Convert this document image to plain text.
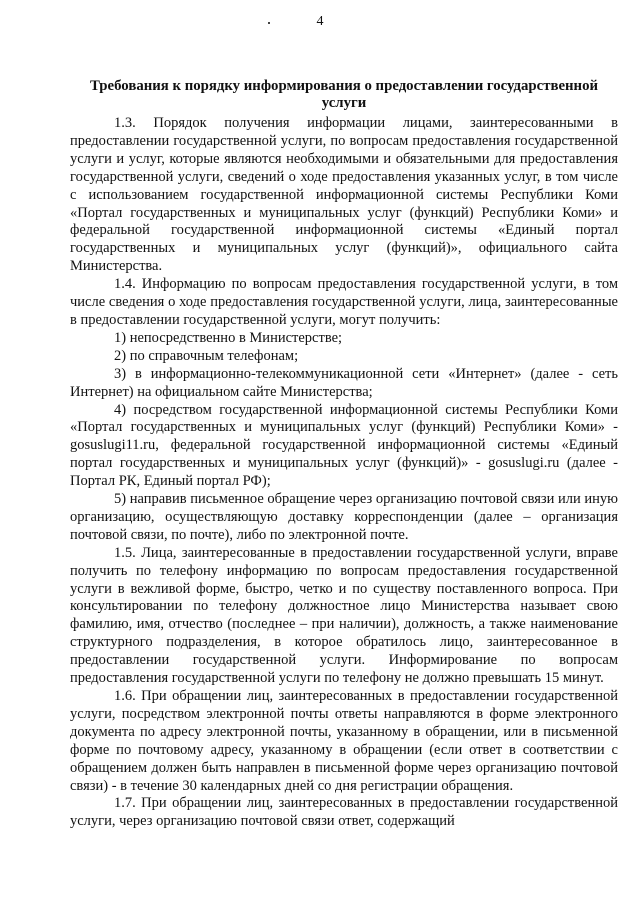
4
Требования к порядку информирования о предоставлении государственной услуги

1.3. Порядок получения информации лицами, заинтересованными в предоставлении государственной услуги, по вопросам предоставления государственной услуги и услуг, которые являются необходимыми и обязательными для предоставления государственной услуги, сведений о ходе предоставления указанных услуг, в том числе с использованием государственной информационной системы Республики Коми «Портал государственных и муниципальных услуг (функций) Республики Коми» и федеральной государственной информационной системы «Единый портал государственных и муниципальных услуг (функций)», официального сайта Министерства.

1.4. Информацию по вопросам предоставления государственной услуги, в том числе сведения о ходе предоставления государственной услуги, лица, заинтересованные в предоставлении государственной услуги, могут получить:

1) непосредственно в Министерстве;

2) по справочным телефонам;

3) в информационно-телекоммуникационной сети «Интернет» (далее - сеть Интернет) на официальном сайте Министерства;

4) посредством государственной информационной системы Республики Коми «Портал государственных и муниципальных услуг (функций) Республики Коми» - gosuslugi11.ru, федеральной государственной информационной системы «Единый портал государственных и муниципальных услуг (функций)» - gosuslugi.ru (далее - Портал РК, Единый портал РФ);

5) направив письменное обращение через организацию почтовой связи или иную организацию, осуществляющую доставку корреспонденции (далее – организация почтовой связи, по почте), либо по электронной почте.

1.5. Лица, заинтересованные в предоставлении государственной услуги, вправе получить по телефону информацию по вопросам предоставления государственной услуги в вежливой форме, быстро, четко и по существу поставленного вопроса. При консультировании по телефону должностное лицо Министерства называет свою фамилию, имя, отчество (последнее – при наличии), должность, а также наименование структурного подразделения, в которое обратилось лицо, заинтересованное в предоставлении государственной услуги. Информирование по вопросам предоставления государственной услуги по телефону не должно превышать 15 минут.

1.6. При обращении лиц, заинтересованных в предоставлении государственной услуги, посредством электронной почты ответы направляются в форме электронного документа по адресу электронной почты, указанному в обращении, или в письменной форме по почтовому адресу, указанному в обращении (если ответ в соответствии с обращением должен быть направлен в письменной форме через организацию почтовой связи) - в течение 30 календарных дней со дня регистрации обращения.

1.7. При обращении лиц, заинтересованных в предоставлении государственной услуги, через организацию почтовой связи ответ, содержащий
